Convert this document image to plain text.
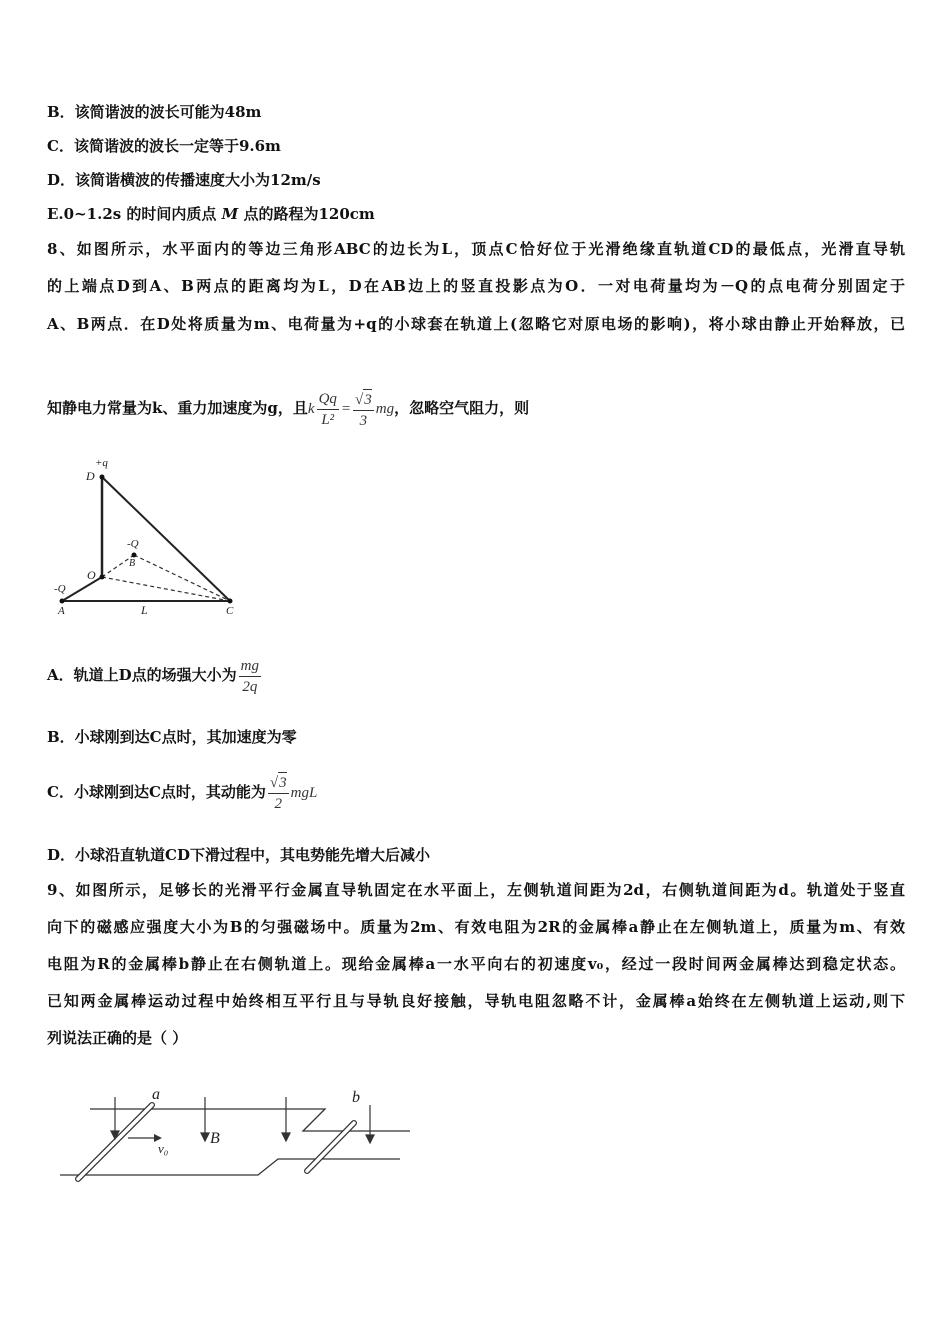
B．该简谐波的波长可能为48m
C．该简谐波的波长一定等于9.6m
D．该简谐横波的传播速度大小为12m/s
E.0~1.2s 的时间内质点 M 点的路程为120cm
8、如图所示，水平面内的等边三角形ABC的边长为L，顶点C恰好位于光滑绝缘直轨道CD的最低点，光滑直导轨
的上端点D到A、B两点的距离均为L，D在AB边上的竖直投影点为O．一对电荷量均为－Q的点电荷分别固定于
A、B两点．在D处将质量为m、电荷量为+q的小球套在轨道上(忽略它对原电场的影响)，将小球由静止开始释放，已
知静电力常量为k、重力加速度为g，且k $\frac{Qq}{\text{L²}} = \frac{√3}{3}$ mg，忽略空气阻力，则
+q
D
-Q
B
O
-Q
A	L	C
A．轨道上D点的场强大小为 $\frac{mg}{2q}$
B．小球刚到达C点时，其加速度为零
C．小球刚到达C点时，其动能为 $\frac{√3}{2}$ mgL
D．小球沿直轨道CD下滑过程中，其电势能先增大后减小
9、如图所示，足够长的光滑平行金属直导轨固定在水平面上，左侧轨道间距为2d，右侧轨道间距为d。轨道处于竖直
向下的磁感应强度大小为B的匀强磁场中。质量为2m、有效电阻为2R的金属棒a静止在左侧轨道上，质量为m、有效
电阻为R的金属棒b静止在右侧轨道上。现给金属棒a一水平向右的初速度v₀，经过一段时间两金属棒达到稳定状态。
已知两金属棒运动过程中始终相互平行且与导轨良好接触，导轨电阻忽略不计，金属棒a始终在左侧轨道上运动,则下
列说法正确的是（ ）
a	b
B
v₀
